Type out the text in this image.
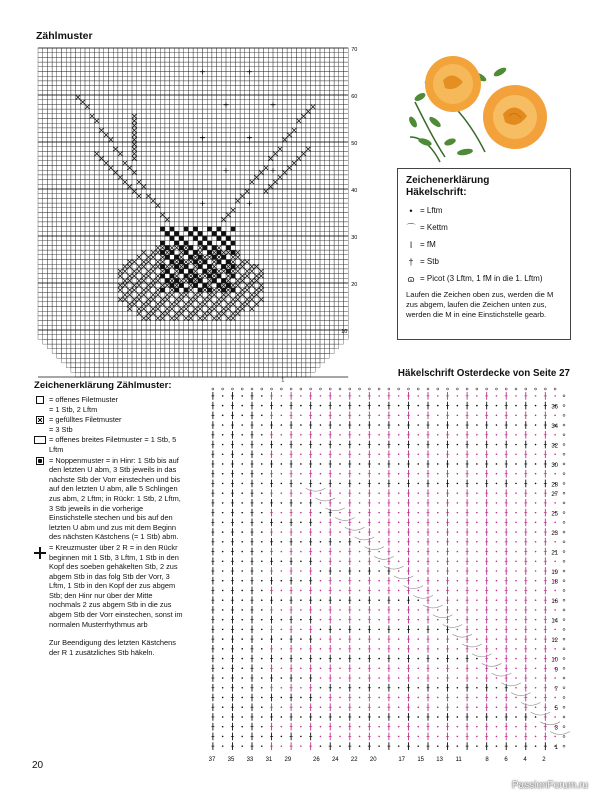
Zählmuster
+	+
+	+
+
+
+	+
+
+
70
60
50
40
30
20
10
1
Zeichenerklärung
Häkelschrift:
• = Lftm
⌒ = Kettm
ǀ = fM
† = Stb
ɷ = Picot (3 Lftm, 1 fM in die 1. Lftm)
Laufen die Zeichen oben zus, werden die M zus abgem, laufen die Zeichen unten zus, werden die M in eine Einstichstelle gearb.
Zeichenerklärung Zählmuster:
= offenes Filetmuster
= 1 Stb, 2 Lftm
= gefülltes Filetmuster
= 3 Stb
= offenes breites Filetmuster = 1 Stb, 5 Lftm
= Noppenmuster = in Hinr: 1 Stb bis auf den letzten U abm, 3 Stb jeweils in das nächste Stb der Vorr einstechen und bis auf den letzten U abm, alle 5 Schlingen zus abm, 2 Lftm; in Rückr: 1 Stb, 2 Lftm, 3 Stb jeweils in die vorherige Einstichstelle stechen und bis auf den letzten U abm und zus mit dem Beginn des nächsten Kästchens (= 1 Stb) abm.
= Kreuzmuster über 2 R = in den Rückr beginnen mit 1 Stb, 3 Lftm, 1 Stb in den Kopf des soeben gehäkelten Stb, 2 zus abgem Stb in das folg Stb der Vorr, 3 Lftm, 1 Stb in den Kopf der zus abgem Stb; den Hinr nur über der Mitte nochmals 2 zus abgem Stb in die zus abgem Stb der Vorr einstechen, sonst im normalen Musterrhythmus arb
Zur Beendigung des letzten Kästchens der R 1 zusätzliches Stb häkeln.
Häkelschrift Osterdecke von Seite 27
36
34
32
30
28
27
25
23
21
19
18
16
14
12
10
9
7
5
3
1
37 35 33 31 29	26 24 22 20	17 15 13 11	8	6	4	2
20
PassionForum.ru
